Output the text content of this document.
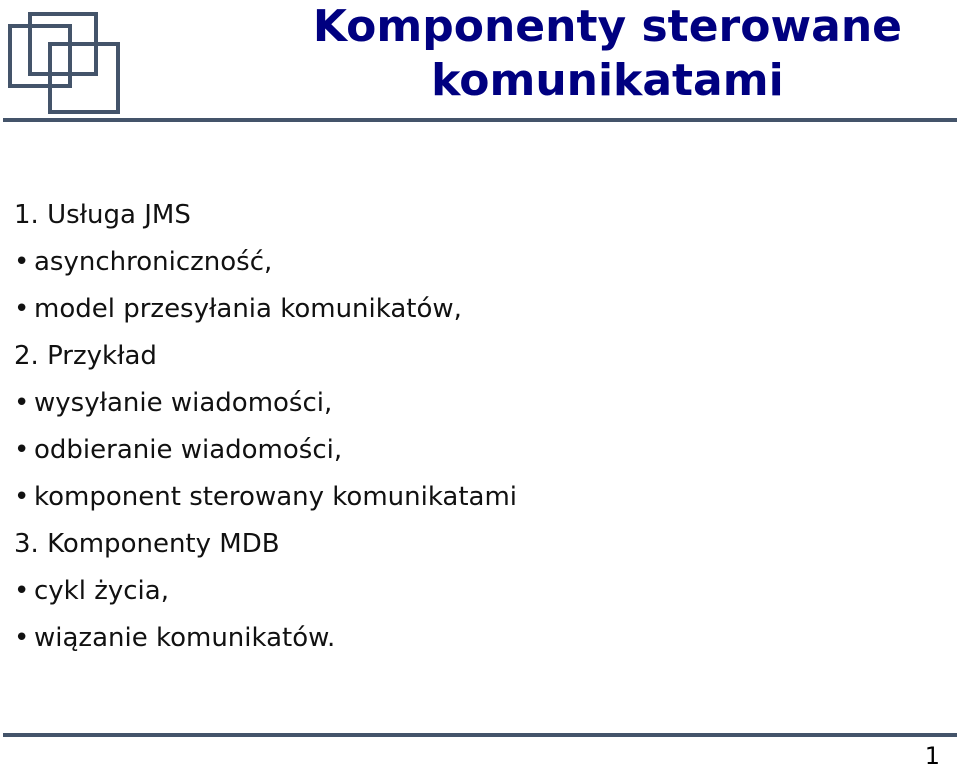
Komponenty sterowane
komunikatami
1. Usługa JMS
• asynchroniczność,
• model przesyłania komunikatów,
2. Przykład
• wysyłanie wiadomości,
• odbieranie wiadomości,
• komponent sterowany komunikatami
3. Komponenty MDB
• cykl życia,
• wiązanie komunikatów.
1
